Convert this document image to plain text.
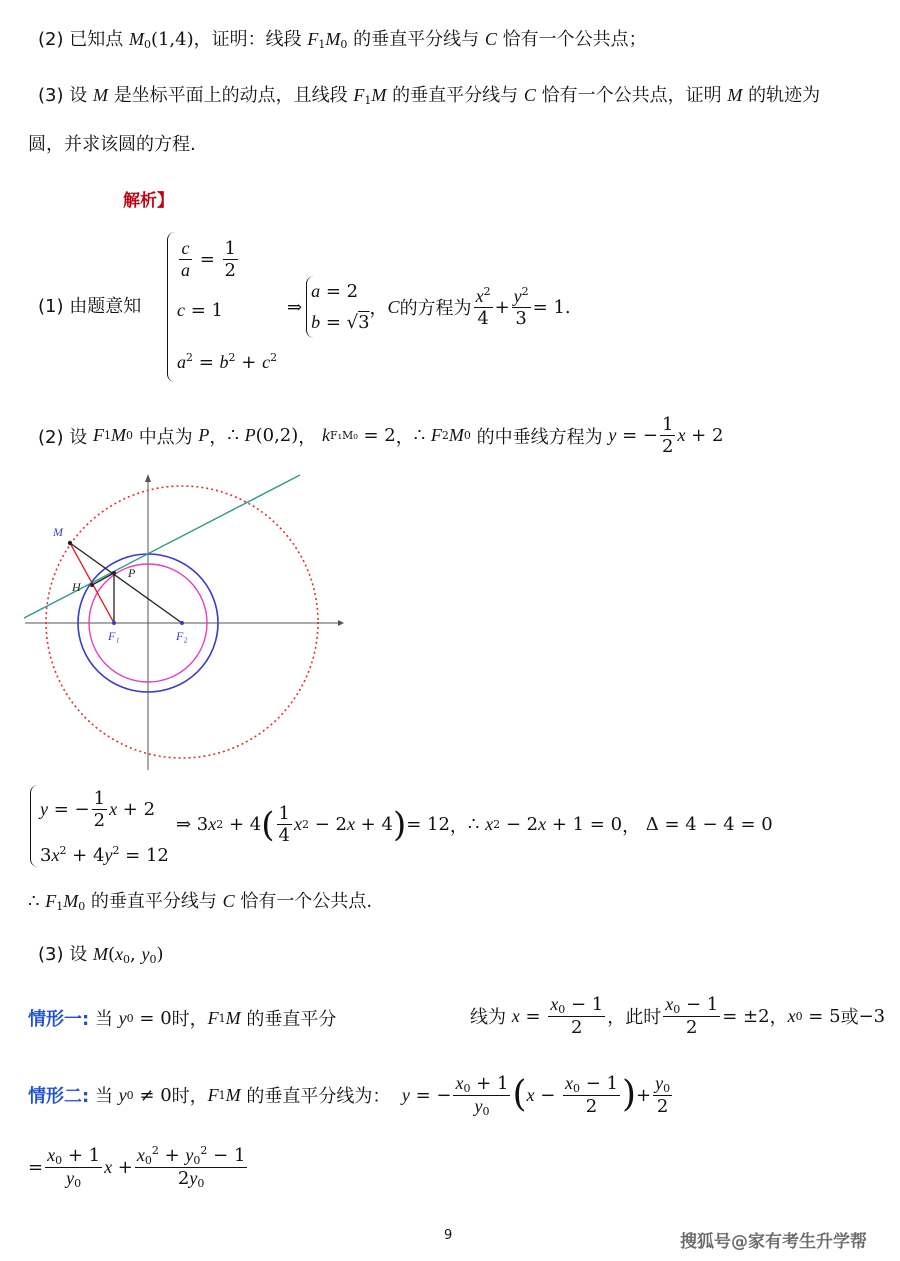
(2) 已知点 $M_0(1,4)$，证明：线段 $F_1M_0$ 的垂直平分线与 C 恰有一个公共点；
(3) 设 M 是坐标平面上的动点，且线段 $F_1M$ 的垂直平分线与 C 恰有一个公共点，证明 M 的轨迹为
圆，并求该圆的方程.
解析】
(1) 由题意知
$\frac{c}{a} = \frac{1}{2}$
c = 1
$a^2 = b^2 + c^2$
⇒
a = 2
b = √3
， C 的方程为 $\frac{x^2}{4} + \frac{y^2}{3} = 1$.
(2) 设
F 1 M 0
中点为
P ， ∴ P (0,2) ，
k F₁M₀ = 2 ， ∴ F 2 M 0
的中垂线方程为
y = − $\frac{1}{2}$ x + 2
M
H
P
F₁	F₂
y = − $\frac{1}{2}$ x + 2
$3x^2 + 4y^2 = 12$
⇒ 3 x 2 + 4 ( $\frac{1}{4}$ x 2 − 2 x + 4 ) = 12 ， ∴ x 2 − 2 x + 1 = 0 ， Δ = 4 − 4 = 0
∴ $F_1M_0$ 的垂直平分线与 C 恰有一个公共点.
(3) 设 $M(x_0$, $y_0$)
情形一:
当
y 0 = 0 时， F 1 M
的垂直平分	线为
$x = \frac{x_0 - 1}{2}$ ，此时 $\frac{x_0 - 1}{2} = \pm 2$ ， x 0 = 5 或 −3
情形二:
当
y 0 ≠ 0 时， F 1 M
的垂直平分线为：
y = − $\frac{x_0 + 1}{y_0}$ ( $x - \frac{x_0 - 1}{2}$ ) + $\frac{y_0}{2}$
= $\frac{x_0 + 1}{y_0}$ $x + \frac{x_0^2 + y_0^2 - 1}{2y_0}$
9	搜狐号@家有考生升学帮
